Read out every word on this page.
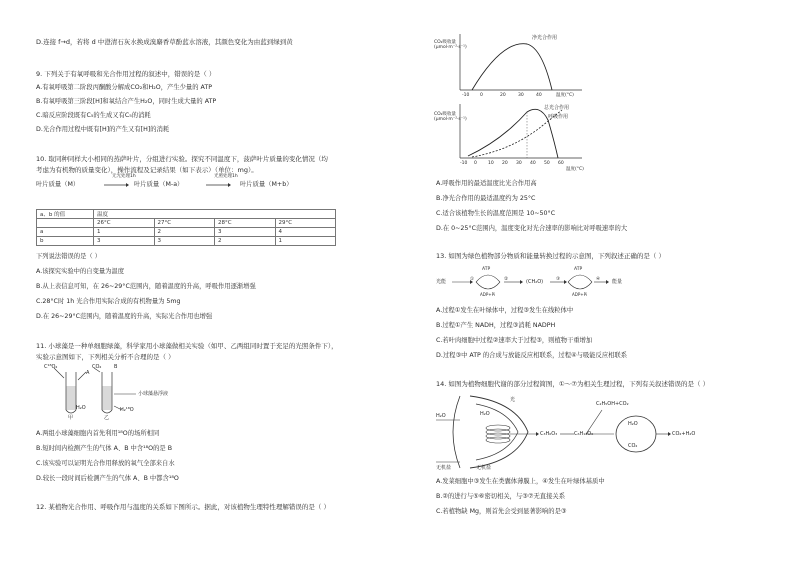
D.连接 f→d，若将 d 中澄清石灰水换成溴麝香草酚蓝水溶液，其颜色变化为由蓝到绿到黄
9. 下列关于有氧呼吸和光合作用过程的叙述中，错误的是（ ）
A.有氧呼吸第二阶段丙酮酸分解成CO₂和H₂O，产生少量的 ATP
B.有氧呼吸第三阶段[H]和氧结合产生H₂O，同时生成大量的 ATP
C.暗反应阶段既有C₅的生成又有C₅的消耗
D.光合作用过程中既有[H]的产生又有[H]的消耗
10. 取同种同样大小相同的蒸萨叶片，分组进行实验。探究不同温度下，菠萨叶片质量的变化情况（均
考虑为有机物的质量变化），操作流程及记录结果（如下表示）（单位：mg）。
叶片质量（M）
无光处理1h
叶片质量（M-a）
光照处理1h
叶片质量（M+b）
a、b 的值	温度			
	26°C	27°C	28°C	29°C
a	1	2	3	4
b	3	3	2	1
下列说法错误的是（ ）
A.该探究实验中的自变量为温度
B.从上表信息可知，在 26~29°C范围内，随着温度的升高，呼吸作用逐渐增强
C.28°C时 1h 光合作用实际合成的有机物量为 5mg
D.在 26~29°C范围内，随着温度的升高，实际光合作用也增强
11. 小球藻是一种单细胞绿藻，科学家用小球藻做相关实验（如甲、乙两组同时置于充足的光照条件下），
实验示意图如下，下列相关分析不合理的是（ ）
C¹⁸O₂
A
CO₂	B
小球藻悬浮液
H₂O	H₂¹⁸O
甲	乙
A.两组小球藻细胞内首先利用¹⁸O的场所相同
B.短时间内检测产生的气体 A、B 中含¹⁸O的是 B
C.该实验可以证明光合作用释放的氧气全部来自水
D.较长一段时间后检测产生的气体 A、B 中都含¹⁸O
12. 某植物光合作用、呼吸作用与温度的关系如下图所示。据此，对该植物生理特性理解错误的是（ ）
CO₂吸收量
(μmol·m⁻²·s⁻¹)
净光合作用
-10 0	20	30	40	温度(°C)
CO₂吸收量
(μmol·m⁻²·s⁻¹)
总光合作用
呼吸作用
-10 0 10 20 30 40 50 60
温度(°C)
A.呼吸作用的最适温度比光合作用高
B.净光合作用的最适温度约为 25°C
C.适合该植物生长的温度范围是 10~50°C
D.在 0~25°C范围内，温度变化对光合速率的影响比对呼吸速率的大
13. 如图为绿色植物部分物质和能量转换过程的示意图，下列叙述正确的是（ ）
光能
ATP
ADP+Pi
①	②	(CH₂O)	③
ATP
ADP+Pi
④ 能量
A.过程①发生在叶绿体中，过程③发生在线粒体中
B.过程①产生 NADH，过程③消耗 NADPH
C.若叶肉细胞中过程②速率大于过程③，则植物干重增加
D.过程③中 ATP 的合成与放能反应相联系，过程④与吸能反应相联系
14. 如图为植物细胞代谢的部分过程简图，①～⑦为相关生理过程，下列有关叙述错误的是（ ）
H₂O	H₂O
光
C₃H₆O₃	C₆H₁₂O₆
C₂H₅OH+CO₂
H₂O
CO₂
CO₂+H₂O
无机盐	无机盐
A.发菜细胞中③发生在类囊体薄膜上，④发生在叶绿体基质中
B.②的进行与⑤⑥密切相关，与③⑦无直接关系
C.若植物缺 Mg，则首先会受到显著影响的是③
